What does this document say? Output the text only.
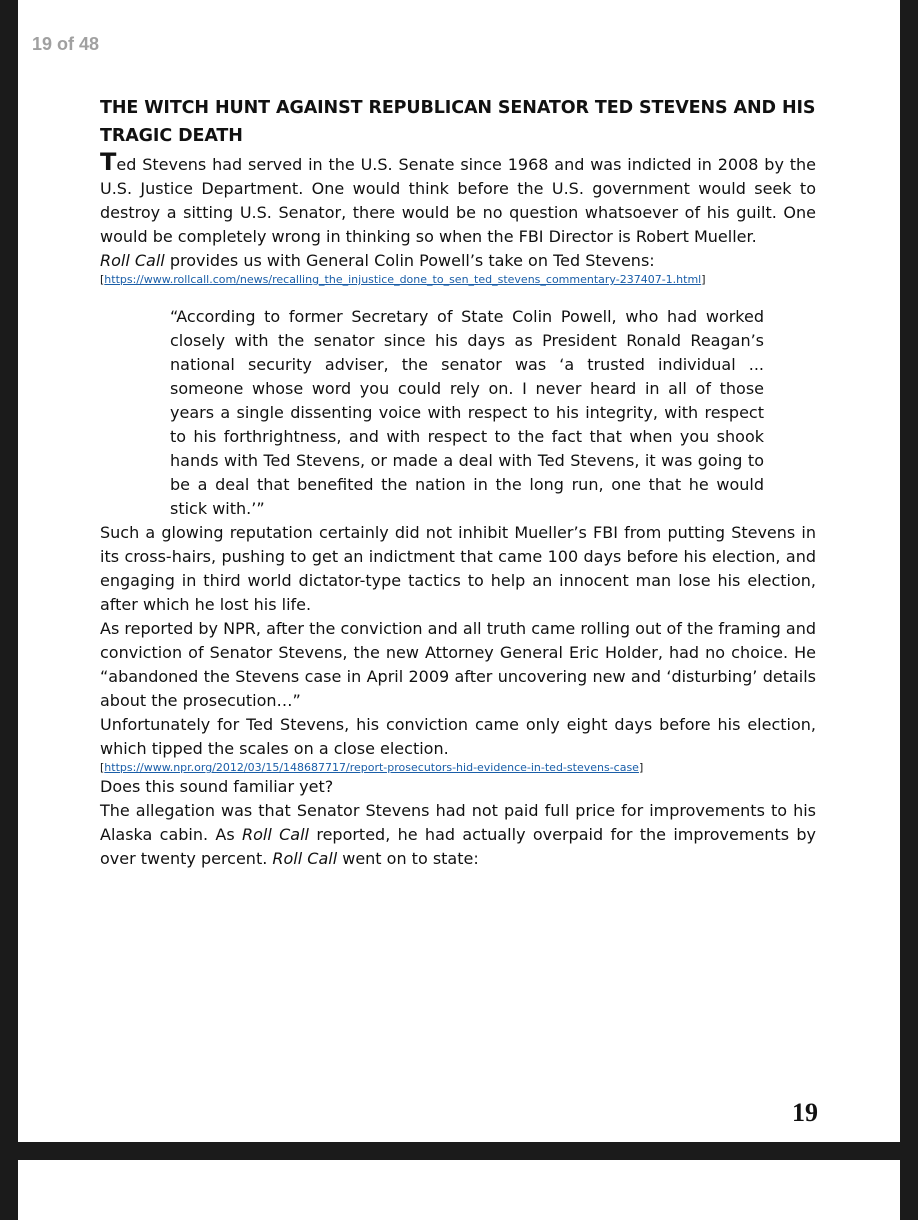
19 of 48
THE WITCH HUNT AGAINST REPUBLICAN SENATOR TED STEVENS AND HIS TRAGIC DEATH

Ted Stevens had served in the U.S. Senate since 1968 and was indicted in 2008 by the U.S. Justice Department. One would think before the U.S. government would seek to destroy a sitting U.S. Senator, there would be no question whatsoever of his guilt. One would be completely wrong in thinking so when the FBI Director is Robert Mueller.

Roll Call provides us with General Colin Powell’s take on Ted Stevens:

[https://www.rollcall.com/news/recalling_the_injustice_done_to_sen_ted_stevens_commentary-237407-1.html]

“According to former Secretary of State Colin Powell, who had worked closely with the senator since his days as President Ronald Reagan’s national security adviser, the senator was ‘a trusted individual ... someone whose word you could rely on. I never heard in all of those years a single dissenting voice with respect to his integrity, with respect to his forthrightness, and with respect to the fact that when you shook hands with Ted Stevens, or made a deal with Ted Stevens, it was going to be a deal that benefited the nation in the long run, one that he would stick with.’”

Such a glowing reputation certainly did not inhibit Mueller’s FBI from putting Stevens in its cross-hairs, pushing to get an indictment that came 100 days before his election, and engaging in third world dictator-type tactics to help an innocent man lose his election, after which he lost his life.

As reported by NPR, after the conviction and all truth came rolling out of the framing and conviction of Senator Stevens, the new Attorney General Eric Holder, had no choice. He “abandoned the Stevens case in April 2009 after uncovering new and ‘disturbing’ details about the prosecution…”

Unfortunately for Ted Stevens, his conviction came only eight days before his election, which tipped the scales on a close election.

[https://www.npr.org/2012/03/15/148687717/report-prosecutors-hid-evidence-in-ted-stevens-case]

Does this sound familiar yet?

The allegation was that Senator Stevens had not paid full price for improvements to his Alaska cabin. As Roll Call reported, he had actually overpaid for the improvements by over twenty percent. Roll Call went on to state:

19
